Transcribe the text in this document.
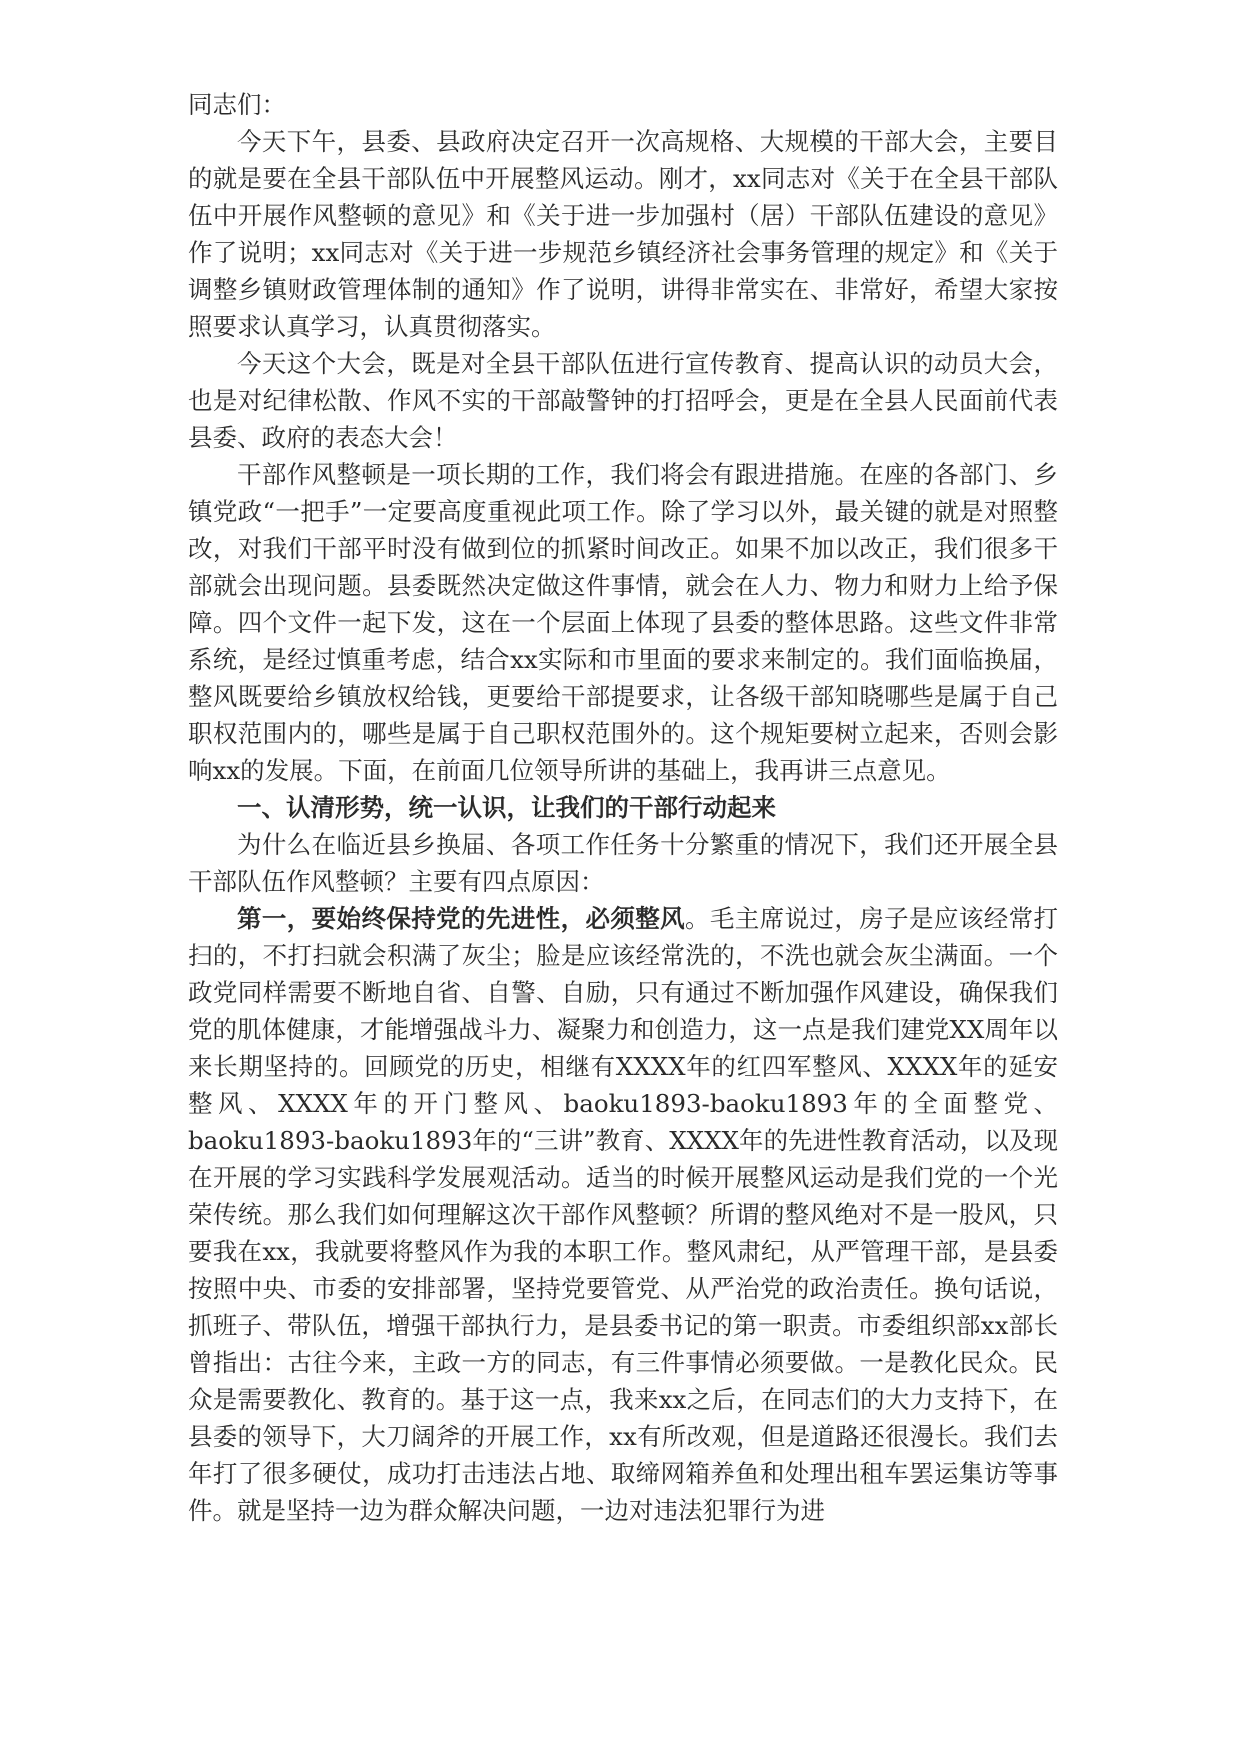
同志们：

今天下午，县委、县政府决定召开一次高规格、大规模的干部大会，主要目的就是要在全县干部队伍中开展整风运动。刚才，xx同志对《关于在全县干部队伍中开展作风整顿的意见》和《关于进一步加强村（居）干部队伍建设的意见》作了说明；xx同志对《关于进一步规范乡镇经济社会事务管理的规定》和《关于调整乡镇财政管理体制的通知》作了说明，讲得非常实在、非常好，希望大家按照要求认真学习，认真贯彻落实。

今天这个大会，既是对全县干部队伍进行宣传教育、提高认识的动员大会，也是对纪律松散、作风不实的干部敲警钟的打招呼会，更是在全县人民面前代表县委、政府的表态大会！

干部作风整顿是一项长期的工作，我们将会有跟进措施。在座的各部门、乡镇党政“一把手”一定要高度重视此项工作。除了学习以外，最关键的就是对照整改，对我们干部平时没有做到位的抓紧时间改正。如果不加以改正，我们很多干部就会出现问题。县委既然决定做这件事情，就会在人力、物力和财力上给予保障。四个文件一起下发，这在一个层面上体现了县委的整体思路。这些文件非常系统，是经过慎重考虑，结合xx实际和市里面的要求来制定的。我们面临换届，整风既要给乡镇放权给钱，更要给干部提要求，让各级干部知晓哪些是属于自己职权范围内的，哪些是属于自己职权范围外的。这个规矩要树立起来，否则会影响xx的发展。下面，在前面几位领导所讲的基础上，我再讲三点意见。

一、认清形势，统一认识，让我们的干部行动起来

为什么在临近县乡换届、各项工作任务十分繁重的情况下，我们还开展全县干部队伍作风整顿？主要有四点原因：

第一，要始终保持党的先进性，必须整风。毛主席说过，房子是应该经常打扫的，不打扫就会积满了灰尘；脸是应该经常洗的，不洗也就会灰尘满面。一个政党同样需要不断地自省、自警、自励，只有通过不断加强作风建设，确保我们党的肌体健康，才能增强战斗力、凝聚力和创造力，这一点是我们建党XX周年以来长期坚持的。回顾党的历史，相继有XXXX年的红四军整风、XXXX年的延安整风、XXXX年的开门整风、baoku1893-baoku1893年的全面整党、baoku1893-baoku1893年的“三讲”教育、XXXX年的先进性教育活动，以及现在开展的学习实践科学发展观活动。适当的时候开展整风运动是我们党的一个光荣传统。那么我们如何理解这次干部作风整顿？所谓的整风绝对不是一股风，只要我在xx，我就要将整风作为我的本职工作。整风肃纪，从严管理干部，是县委按照中央、市委的安排部署，坚持党要管党、从严治党的政治责任。换句话说，抓班子、带队伍，增强干部执行力，是县委书记的第一职责。市委组织部xx部长曾指出：古往今来，主政一方的同志，有三件事情必须要做。一是教化民众。民众是需要教化、教育的。基于这一点，我来xx之后，在同志们的大力支持下，在县委的领导下，大刀阔斧的开展工作，xx有所改观，但是道路还很漫长。我们去年打了很多硬仗，成功打击违法占地、取缔网箱养鱼和处理出租车罢运集访等事件。就是坚持一边为群众解决问题，一边对违法犯罪行为进
